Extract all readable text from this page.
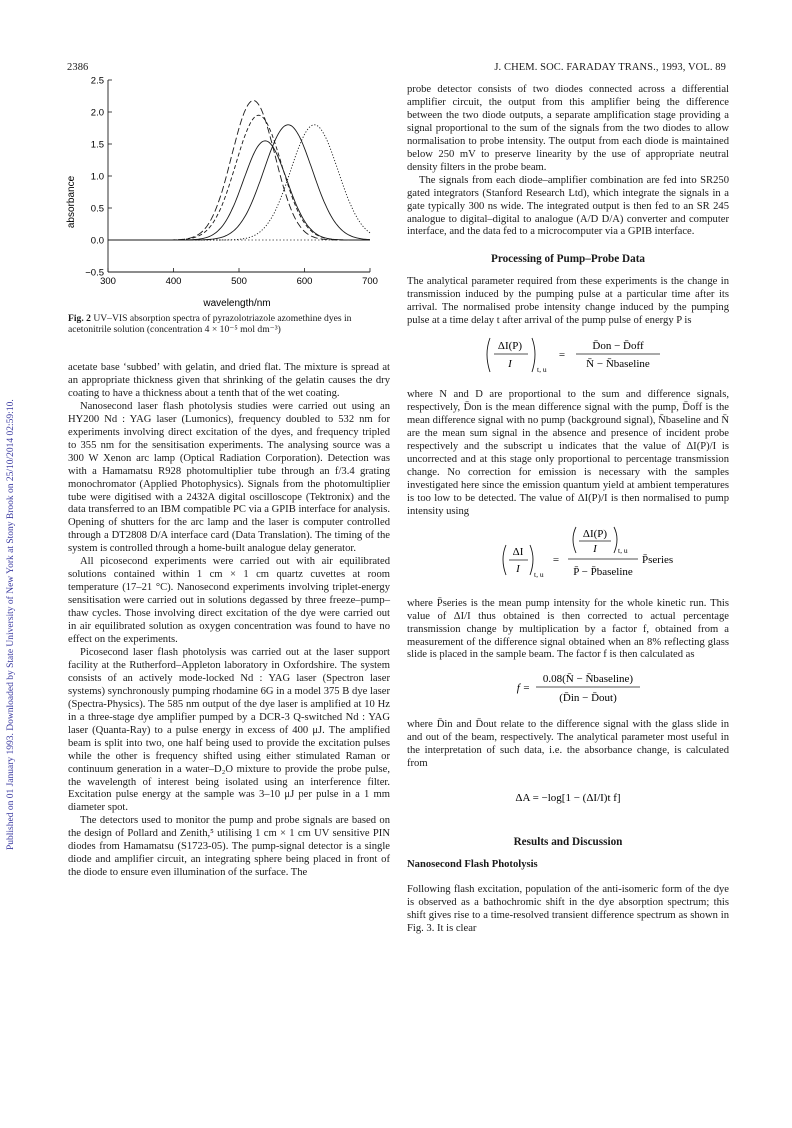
Published on 01 January 1993. Downloaded by State University of New York at Stony Brook on 25/10/2014 02:59:10.
2386	J. CHEM. SOC. FARADAY TRANS., 1993, VOL. 89
−0.5
0.0
0.5
1.0
1.5
2.0
2.5
300	400	500	600	700
absorbance
wavelength/nm
Fig. 2 UV–VIS absorption spectra of pyrazolotriazole azomethine dyes in acetonitrile solution (concentration 4 × 10⁻⁵ mol dm⁻³)

acetate base ‘subbed’ with gelatin, and dried flat. The mixture is spread at an appropriate thickness given that shrinking of the gelatin causes the dry coating to have a thickness about a tenth that of the wet coating.

Nanosecond laser flash photolysis studies were carried out using an HY200 Nd : YAG laser (Lumonics), frequency doubled to 532 nm for experiments involving direct excitation of the dyes, and frequency tripled to 355 nm for the sensitisation experiments. The analysing source was a 300 W Xenon arc lamp (Optical Radiation Corporation). Detection was with a Hamamatsu R928 photomultiplier tube through an f/3.4 grating monochromator (Applied Photophysics). Signals from the photomultiplier tube were digitised with a 2432A digital oscilloscope (Tektronix) and the data transferred to an IBM compatible PC via a GPIB interface for analysis. Opening of shutters for the arc lamp and the laser is computer controlled through a DT2808 D/A interface card (Data Translation). The timing of the system is controlled through a home-built analogue delay generator.

All picosecond experiments were carried out with air equilibrated solutions contained within 1 cm × 1 cm quartz cuvettes at room temperature (17–21 °C). Nanosecond experiments involving triplet-energy sensitisation were carried out in solutions degassed by three freeze–pump–thaw cycles. Those involving direct excitation of the dye were carried out in air equilibrated solution as oxygen concentration was found to have no effect on the experiments.

Picosecond laser flash photolysis was carried out at the laser support facility at the Rutherford–Appleton laboratory in Oxfordshire. The system consists of an actively mode-locked Nd : YAG laser (Spectron laser systems) synchronously pumping rhodamine 6G in a model 375 B dye laser (Spectra-Physics). The 585 nm output of the dye laser is amplified at 10 Hz in a three-stage dye amplifier pumped by a DCR-3 Q-switched Nd : YAG laser (Quanta-Ray) to a pulse energy in excess of 400 μJ. The amplified beam is split into two, one half being used to provide the excitation pulses while the other is frequency shifted using either stimulated Raman or continuum generation in a water–D₂O mixture to provide the probe pulse, the wavelength of interest being isolated using an interference filter. Excitation pulse energy at the sample was 3–10 μJ per pulse in a 1 mm diameter spot.

The detectors used to monitor the pump and probe signals are based on the design of Pollard and Zenith,⁵ utilising 1 cm × 1 cm UV sensitive PIN diodes from Hamamatsu (S1723-05). The pump-signal detector is a single diode and amplifier circuit, an integrating sphere being placed in front of the diode to ensure even illumination of the surface. The

probe detector consists of two diodes connected across a differential amplifier circuit, the output from this amplifier being the difference between the two diode outputs, a separate amplification stage providing a signal proportional to the sum of the signals from the two diodes to allow normalisation to probe intensity. The output from each diode is maintained below 250 mV to preserve linearity by the use of appropriate neutral density filters in the probe beam.

The signals from each diode–amplifier combination are fed into SR250 gated integrators (Stanford Research Ltd), which integrate the signals in a gate typically 300 ns wide. The integrated output is then fed to an SR 245 analogue to digital–digital to analogue (A/D D/A) converter and computer interface, and the data fed to a microcomputer via a GPIB interface.

Processing of Pump–Probe Data

The analytical parameter required from these experiments is the change in transmission induced by the pumping pulse at a particular time after its arrival. The normalised probe intensity change induced by the pumping pulse at a time delay t after arrival of the pump pulse of energy P is

ΔI(P)
I	t, u
=
D̄on − D̄off
N̄ − N̄baseline

where N and D are proportional to the sum and difference signals, respectively, D̄on is the mean difference signal with the pump, D̄off is the mean difference signal with no pump (background signal), N̄baseline and N̄ are the mean sum signal in the absence and presence of incident probe respectively and the subscript u indicates that the value of ΔI(P)/I is uncorrected and at this stage only proportional to percentage transmission change. No correction for emission is necessary with the samples investigated here since the emission quantum yield at ambient temperatures is too low to be detected. The value of ΔI(P)/I is then normalised to pump intensity using

ΔI
I t, u
=
ΔI(P)
I	t, u
P̄ − P̄baseline
P̄series

where P̄series is the mean pump intensity for the whole kinetic run. This value of ΔI/I thus obtained is then corrected to actual percentage transmission change by multiplication by a factor f, obtained from a measurement of the difference signal obtained when an 8% reflecting glass slide is placed in the sample beam. The factor f is then calculated as

f =
0.08(N̄ − N̄baseline)
(D̄in − D̄out)

where D̄in and D̄out relate to the difference signal with the glass slide in and out of the beam, respectively. The analytical parameter most useful in the interpretation of such data, i.e. the absorbance change, is calculated from

ΔA = −log[1 − (ΔI/I)t f]
Results and Discussion
Nanosecond Flash Photolysis

Following flash excitation, population of the anti-isomeric form of the dye is observed as a bathochromic shift in the dye absorption spectrum; this shift gives rise to a time-resolved transient difference spectrum as shown in Fig. 3. It is clear
